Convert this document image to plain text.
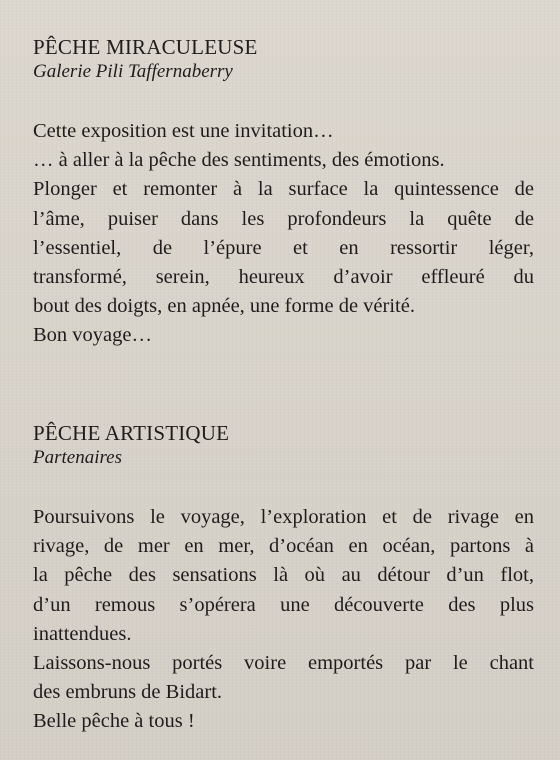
PÊCHE MIRACULEUSE

Galerie Pili Taffernaberry

Cette exposition est une invitation…
… à aller à la pêche des sentiments, des émotions.
Plonger et remonter à la surface la quintessence de
l’âme, puiser dans les profondeurs la quête de
l’essentiel, de l’épure et en ressortir léger,
transformé, serein, heureux d’avoir effleuré du
bout des doigts, en apnée, une forme de vérité.
Bon voyage…
PÊCHE ARTISTIQUE

Partenaires

Poursuivons le voyage, l’exploration et de rivage en
rivage, de mer en mer, d’océan en océan, partons à
la pêche des sensations là où au détour d’un flot,
d’un remous s’opérera une découverte des plus
inattendues.
Laissons-nous portés voire emportés par le chant
des embruns de Bidart.
Belle pêche à tous !
